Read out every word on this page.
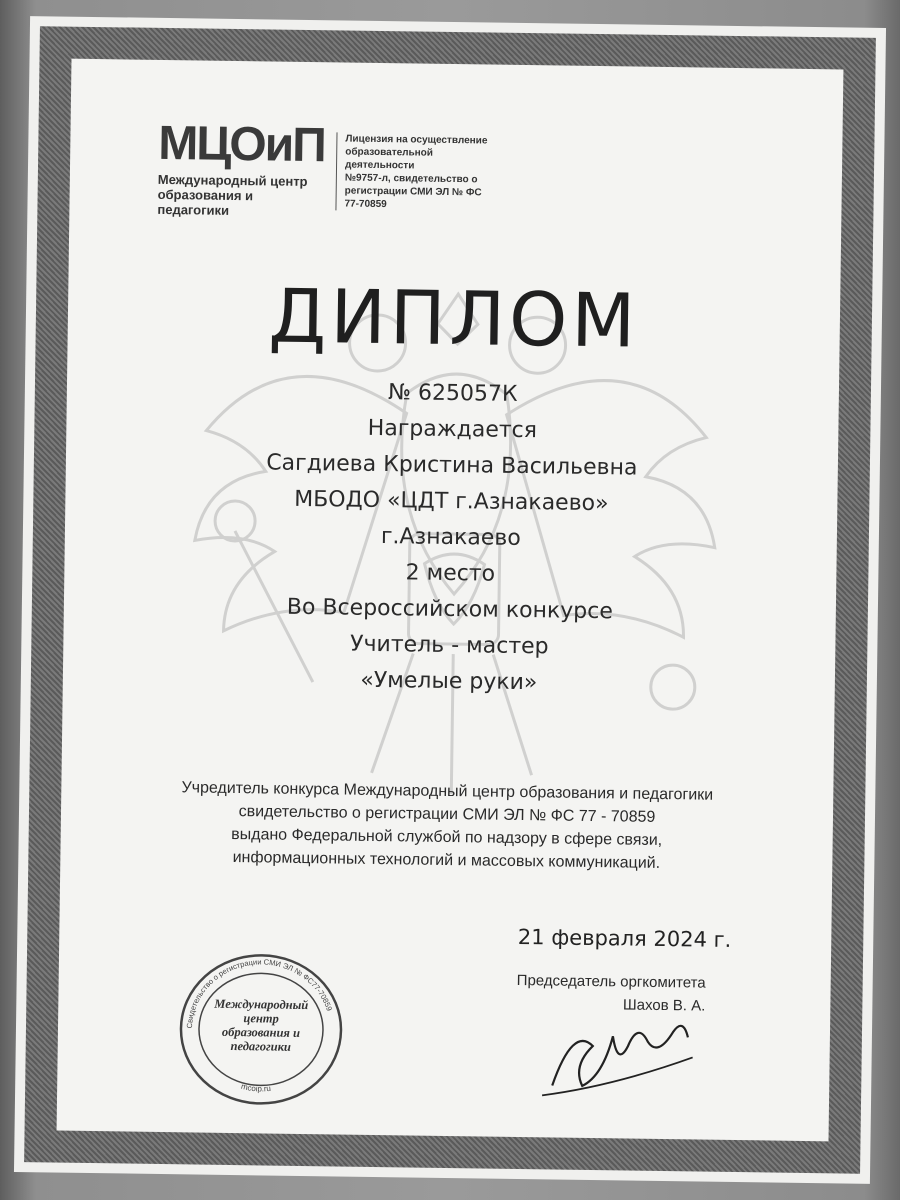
МЦОиП
Международный центр
образования и педагогики
Лицензия на осуществление
образовательной деятельности
№9757-л, свидетельство о
регистрации СМИ ЭЛ № ФС
77-70859
ДИПЛОМ
№ 625057К
Награждается
Сагдиева Кристина Васильевна
МБОДО «ЦДТ г.Азнакаево»
г.Азнакаево
2 место
Во Всероссийском конкурсе
Учитель - мастер
«Умелые руки»
Учредитель конкурса Международный центр образования и педагогики
свидетельство о регистрации СМИ ЭЛ № ФС 77 - 70859
выдано Федеральной службой по надзору в сфере связи,
информационных технологий и массовых коммуникаций.
21 февраля 2024 г.
Председатель оргкомитета
Шахов В. А.
Свидетельство о регистрации СМИ ЭЛ № ФС77-70859
mcoip.ru
Международный
центр
образования и
педагогики
